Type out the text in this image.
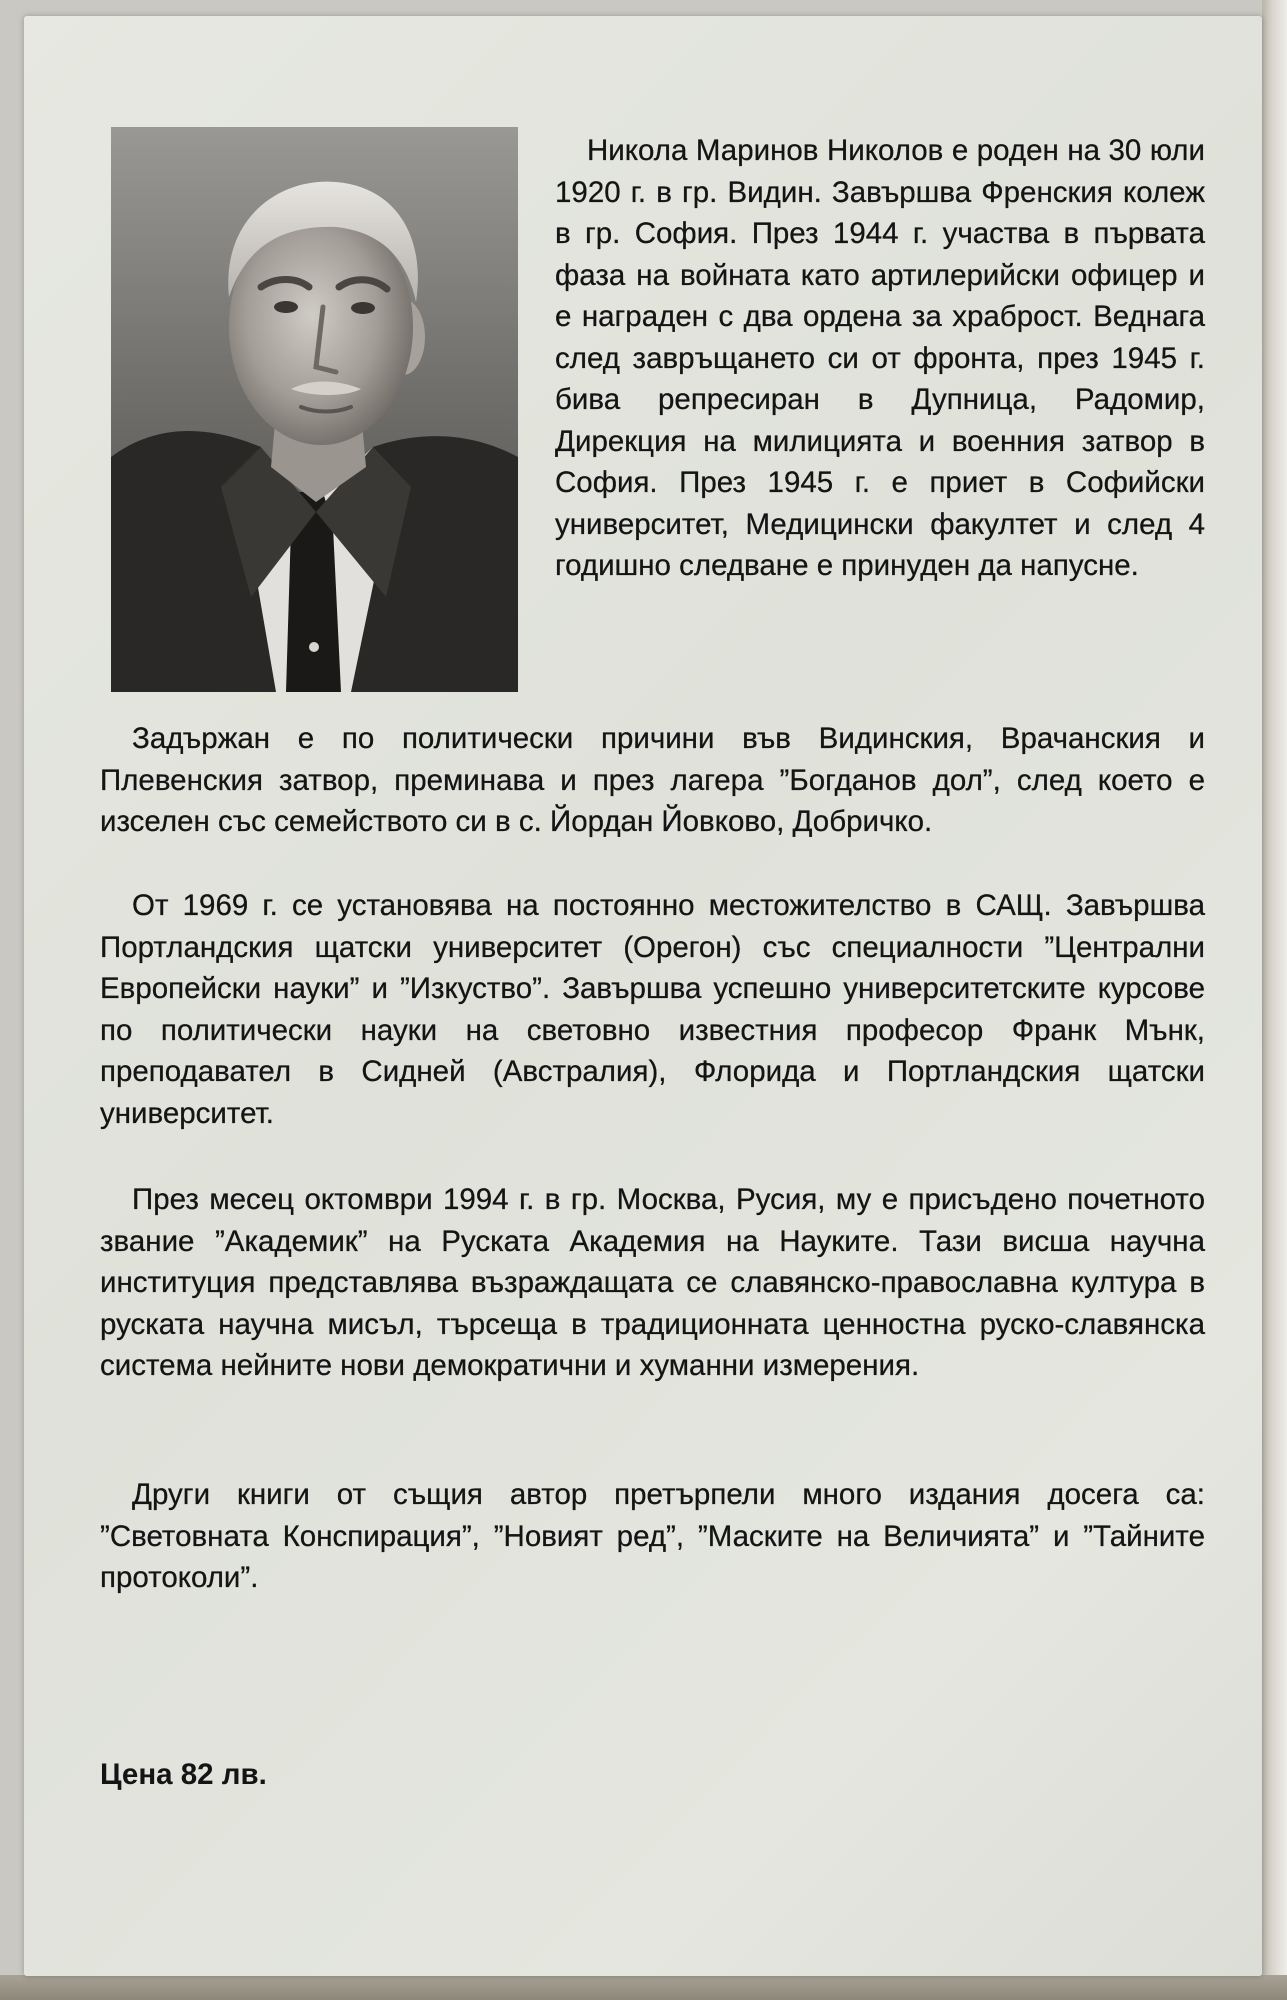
Никола Маринов Николов е роден на 30 юли 1920 г. в гр. Видин. Завършва Френския колеж в гр. София. През 1944 г. участва в първата фаза на войната като артилерийски офицер и е награден с два ордена за храброст. Веднага след завръщането си от фронта, през 1945 г. бива репресиран в Дупница, Радомир, Дирекция на милицията и военния затвор в София. През 1945 г. е приет в Софийски университет, Медицински факултет и след 4 годишно следване е принуден да напусне.
Задържан е по политически причини във Видинския, Врачанския и Плевенския затвор, преминава и през лагера ”Богданов дол”, след което е изселен със семейството си в с. Йордан Йовково, Добричко.
От 1969 г. се установява на постоянно местожителство в САЩ. Завършва Портландския щатски университет (Орегон) със специалности ”Централни Европейски науки” и ”Изкуство”. Завършва успешно университетските курсове по политически науки на световно известния професор Франк Мънк, преподавател в Сидней (Австралия), Флорида и Портландския щатски университет.
През месец октомври 1994 г. в гр. Москва, Русия, му е присъдено почетното звание ”Академик” на Руската Академия на Науките. Тази висша научна институция представлява възраждащата се славянско-православна култура в руската научна мисъл, търсеща в традиционната ценностна руско-славянска система нейните нови демократични и хуманни измерения.
Други книги от същия автор претърпели много издания досега са: ”Световната Конспирация”, ”Новият ред”, ”Маските на Величията” и ”Тайните протоколи”.
Цена 82 лв.
